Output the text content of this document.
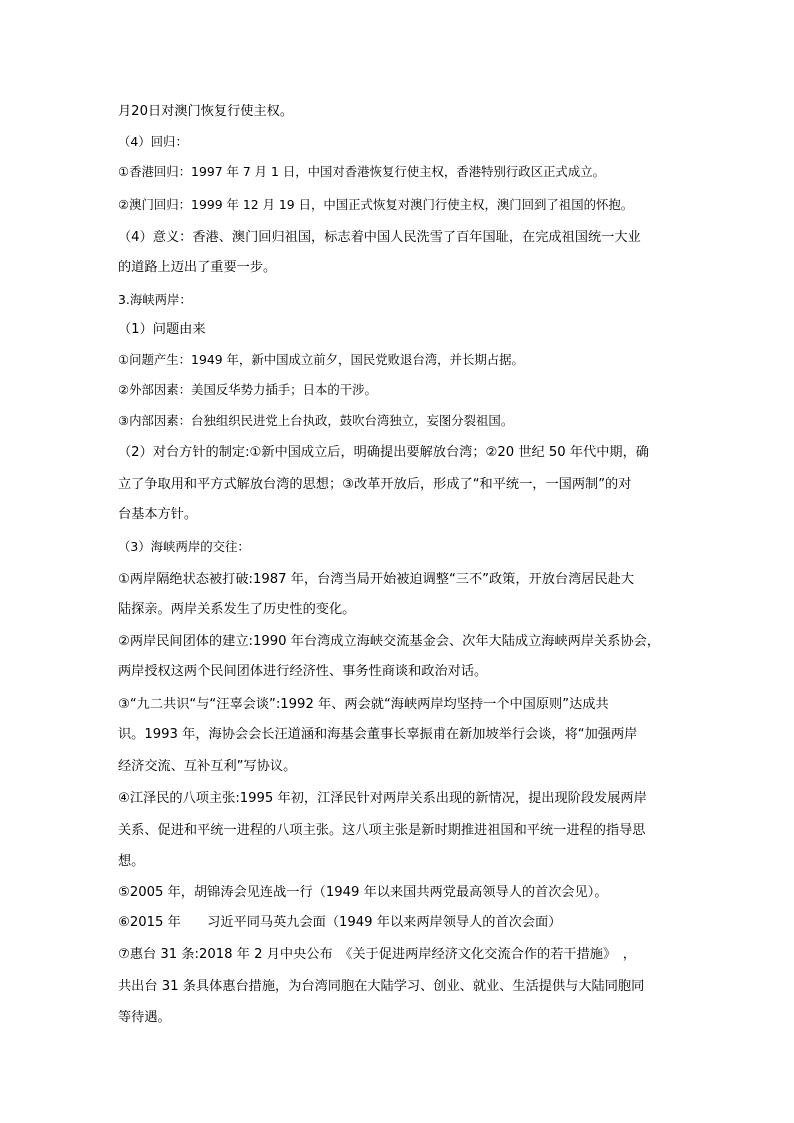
月20日对澳门恢复行使主权。
（4）回归：
①香港回归：1997 年 7 月 1 日，中国对香港恢复行使主权，香港特别行政区正式成立。
②澳门回归：1999 年 12 月 19 日，中国正式恢复对澳门行使主权，澳门回到了祖国的怀抱。
（4）意义：香港、澳门回归祖国，标志着中国人民洗雪了百年国耻，在完成祖国统一大业
的道路上迈出了重要一步。
3.海峡两岸：
（1）问题由来
①问题产生：1949 年，新中国成立前夕，国民党败退台湾，并长期占据。
②外部因素：美国反华势力插手；日本的干涉。
③内部因素：台独组织民进党上台执政，鼓吹台湾独立，妄图分裂祖国。
（2）对台方针的制定:①新中国成立后，明确提出要解放台湾；②20 世纪 50 年代中期，确
立了争取用和平方式解放台湾的思想；③改革开放后，形成了“和平统一，一国两制”的对
台基本方针。
（3）海峡两岸的交往：
①两岸隔绝状态被打破:1987 年，台湾当局开始被迫调整“三不”政策，开放台湾居民赴大
陆探亲。两岸关系发生了历史性的变化。
②两岸民间团体的建立:1990 年台湾成立海峡交流基金会、次年大陆成立海峡两岸关系协会，
两岸授权这两个民间团体进行经济性、事务性商谈和政治对话。
③“九二共识“与“汪辜会谈”:1992 年、两会就“海峡两岸均坚持一个中国原则”达成共
识。1993 年，海协会会长汪道涵和海基会董事长辜振甫在新加坡举行会谈，将“加强两岸
经济交流、互补互利”写协议。
④江泽民的八项主张:1995 年初，江泽民针对两岸关系出现的新情况，提出现阶段发展两岸
关系、促进和平统一进程的八项主张。这八项主张是新时期推进祖国和平统一进程的指导思
想。
⑤2005 年，胡锦涛会见连战一行（1949 年以来国共两党最高领导人的首次会见）。
⑥2015 年　　习近平同马英九会面（1949 年以来两岸领导人的首次会面）
⑦惠台 31 条:2018 年 2 月中央公布　《关于促进两岸经济文化交流合作的若干措施》　，
共出台 31 条具体惠台措施，为台湾同胞在大陆学习、创业、就业、生活提供与大陆同胞同
等待遇。
